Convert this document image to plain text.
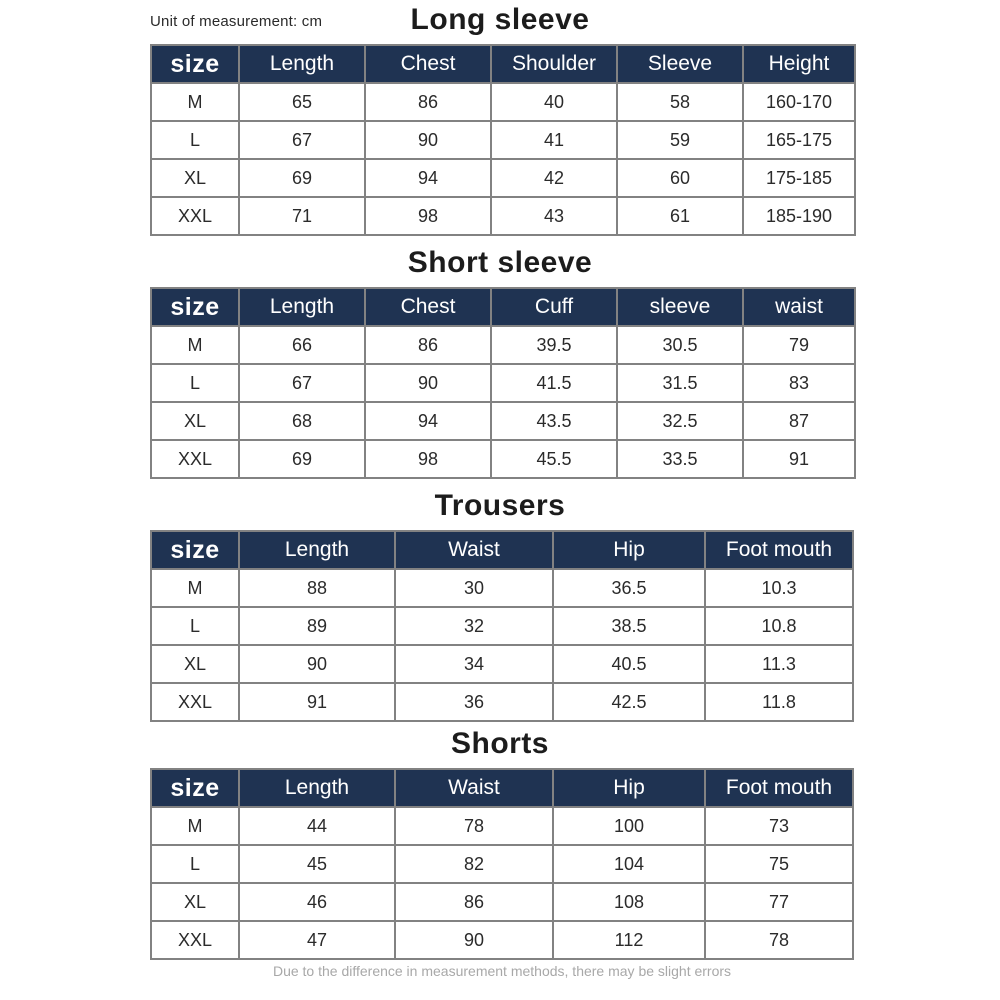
Unit of measurement: cm	Long sleeve
size	Length	Chest	Shoulder	Sleeve	Height
M	65	86	40	58	160-170
L	67	90	41	59	165-175
XL	69	94	42	60	175-185
XXL	71	98	43	61	185-190
Short sleeve
size	Length	Chest	Cuff	sleeve	waist
M	66	86	39.5	30.5	79
L	67	90	41.5	31.5	83
XL	68	94	43.5	32.5	87
XXL	69	98	45.5	33.5	91
Trousers
size	Length	Waist	Hip	Foot mouth
M	88	30	36.5	10.3
L	89	32	38.5	10.8
XL	90	34	40.5	11.3
XXL	91	36	42.5	11.8
Shorts
size	Length	Waist	Hip	Foot mouth
M	44	78	100	73
L	45	82	104	75
XL	46	86	108	77
XXL	47	90	112	78
Due to the difference in measurement methods, there may be slight errors
